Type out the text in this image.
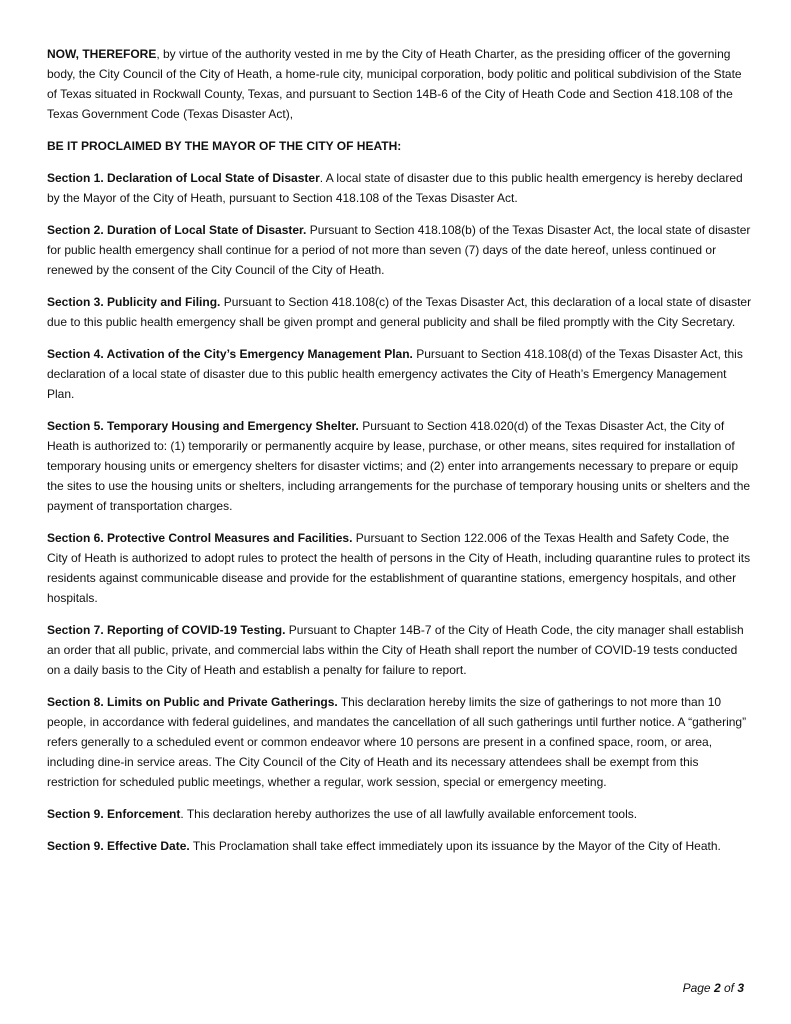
NOW, THEREFORE, by virtue of the authority vested in me by the City of Heath Charter, as the presiding officer of the governing body, the City Council of the City of Heath, a home-rule city, municipal corporation, body politic and political subdivision of the State of Texas situated in Rockwall County, Texas, and pursuant to Section 14B-6 of the City of Heath Code and Section 418.108 of the Texas Government Code (Texas Disaster Act),

BE IT PROCLAIMED BY THE MAYOR OF THE CITY OF HEATH:

Section 1. Declaration of Local State of Disaster. A local state of disaster due to this public health emergency is hereby declared by the Mayor of the City of Heath, pursuant to Section 418.108 of the Texas Disaster Act.

Section 2. Duration of Local State of Disaster. Pursuant to Section 418.108(b) of the Texas Disaster Act, the local state of disaster for public health emergency shall continue for a period of not more than seven (7) days of the date hereof, unless continued or renewed by the consent of the City Council of the City of Heath.

Section 3. Publicity and Filing. Pursuant to Section 418.108(c) of the Texas Disaster Act, this declaration of a local state of disaster due to this public health emergency shall be given prompt and general publicity and shall be filed promptly with the City Secretary.

Section 4. Activation of the City’s Emergency Management Plan. Pursuant to Section 418.108(d) of the Texas Disaster Act, this declaration of a local state of disaster due to this public health emergency activates the City of Heath’s Emergency Management Plan.

Section 5. Temporary Housing and Emergency Shelter. Pursuant to Section 418.020(d) of the Texas Disaster Act, the City of Heath is authorized to: (1) temporarily or permanently acquire by lease, purchase, or other means, sites required for installation of temporary housing units or emergency shelters for disaster victims; and (2) enter into arrangements necessary to prepare or equip the sites to use the housing units or shelters, including arrangements for the purchase of temporary housing units or shelters and the payment of transportation charges.

Section 6. Protective Control Measures and Facilities. Pursuant to Section 122.006 of the Texas Health and Safety Code, the City of Heath is authorized to adopt rules to protect the health of persons in the City of Heath, including quarantine rules to protect its residents against communicable disease and provide for the establishment of quarantine stations, emergency hospitals, and other hospitals.

Section 7. Reporting of COVID-19 Testing. Pursuant to Chapter 14B-7 of the City of Heath Code, the city manager shall establish an order that all public, private, and commercial labs within the City of Heath shall report the number of COVID-19 tests conducted on a daily basis to the City of Heath and establish a penalty for failure to report.

Section 8. Limits on Public and Private Gatherings. This declaration hereby limits the size of gatherings to not more than 10 people, in accordance with federal guidelines, and mandates the cancellation of all such gatherings until further notice. A “gathering” refers generally to a scheduled event or common endeavor where 10 persons are present in a confined space, room, or area, including dine-in service areas. The City Council of the City of Heath and its necessary attendees shall be exempt from this restriction for scheduled public meetings, whether a regular, work session, special or emergency meeting.

Section 9. Enforcement. This declaration hereby authorizes the use of all lawfully available enforcement tools.

Section 9. Effective Date. This Proclamation shall take effect immediately upon its issuance by the Mayor of the City of Heath.

Page 2 of 3
